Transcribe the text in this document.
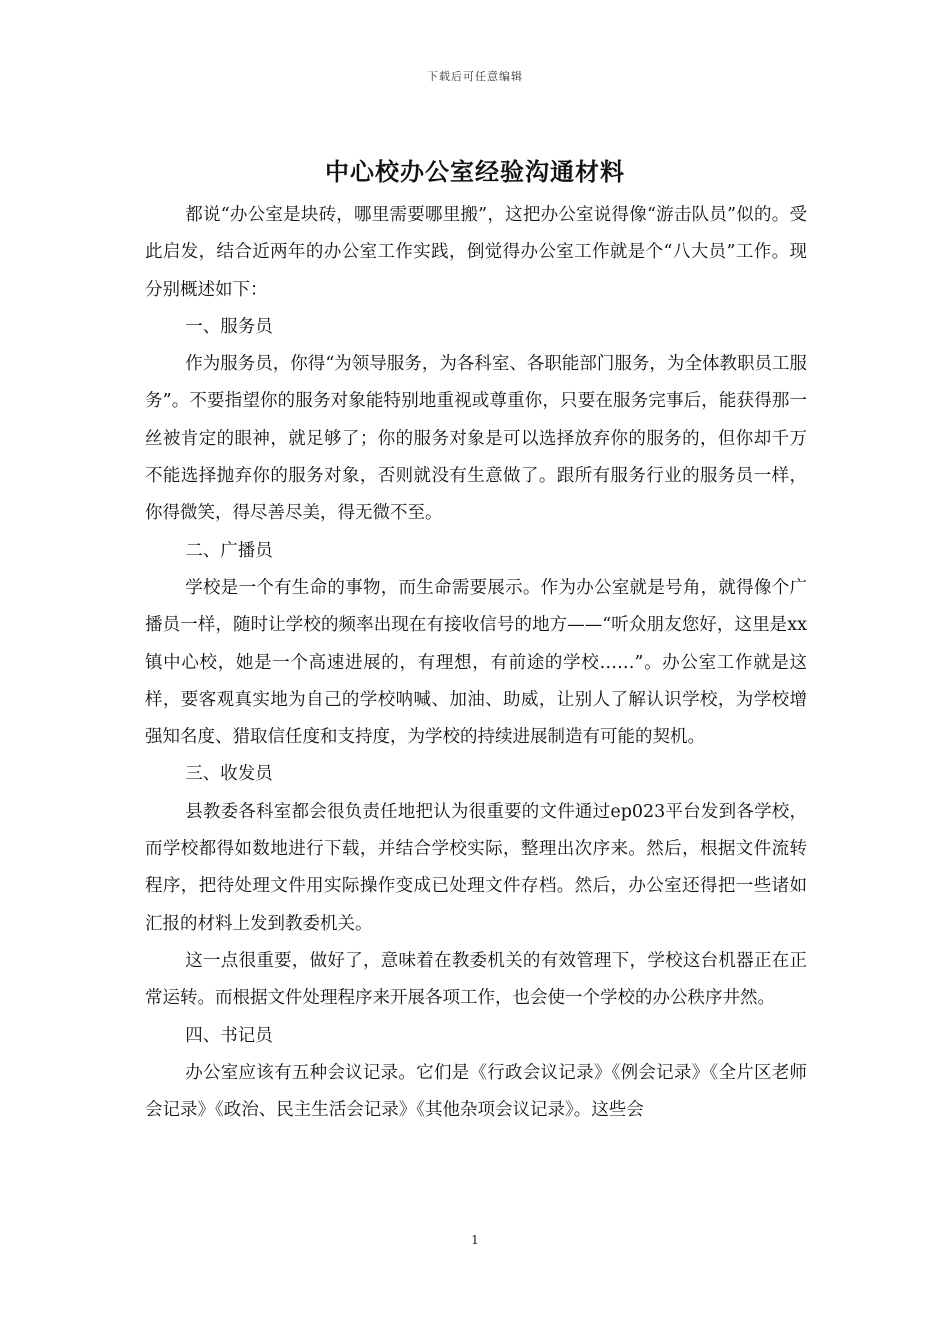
下载后可任意编辑
中心校办公室经验沟通材料

都说“办公室是块砖，哪里需要哪里搬”，这把办公室说得像“游击队员”似的。受此启发，结合近两年的办公室工作实践，倒觉得办公室工作就是个“八大员”工作。现分别概述如下：

一、服务员

作为服务员，你得“为领导服务，为各科室、各职能部门服务，为全体教职员工服务”。不要指望你的服务对象能特别地重视或尊重你，只要在服务完事后，能获得那一丝被肯定的眼神，就足够了；你的服务对象是可以选择放弃你的服务的，但你却千万不能选择抛弃你的服务对象，否则就没有生意做了。跟所有服务行业的服务员一样，你得微笑，得尽善尽美，得无微不至。

二、广播员

学校是一个有生命的事物，而生命需要展示。作为办公室就是号角，就得像个广播员一样，随时让学校的频率出现在有接收信号的地方——“听众朋友您好，这里是xx镇中心校，她是一个高速进展的，有理想，有前途的学校……”。办公室工作就是这样，要客观真实地为自己的学校呐喊、加油、助威，让别人了解认识学校，为学校增强知名度、猎取信任度和支持度，为学校的持续进展制造有可能的契机。

三、收发员

县教委各科室都会很负责任地把认为很重要的文件通过ep023平台发到各学校，而学校都得如数地进行下载，并结合学校实际，整理出次序来。然后，根据文件流转程序，把待处理文件用实际操作变成已处理文件存档。然后，办公室还得把一些诸如汇报的材料上发到教委机关。

这一点很重要，做好了，意味着在教委机关的有效管理下，学校这台机器正在正常运转。而根据文件处理程序来开展各项工作，也会使一个学校的办公秩序井然。

四、书记员

办公室应该有五种会议记录。它们是《行政会议记录》《例会记录》《全片区老师会记录》《政治、民主生活会记录》《其他杂项会议记录》。这些会

1
